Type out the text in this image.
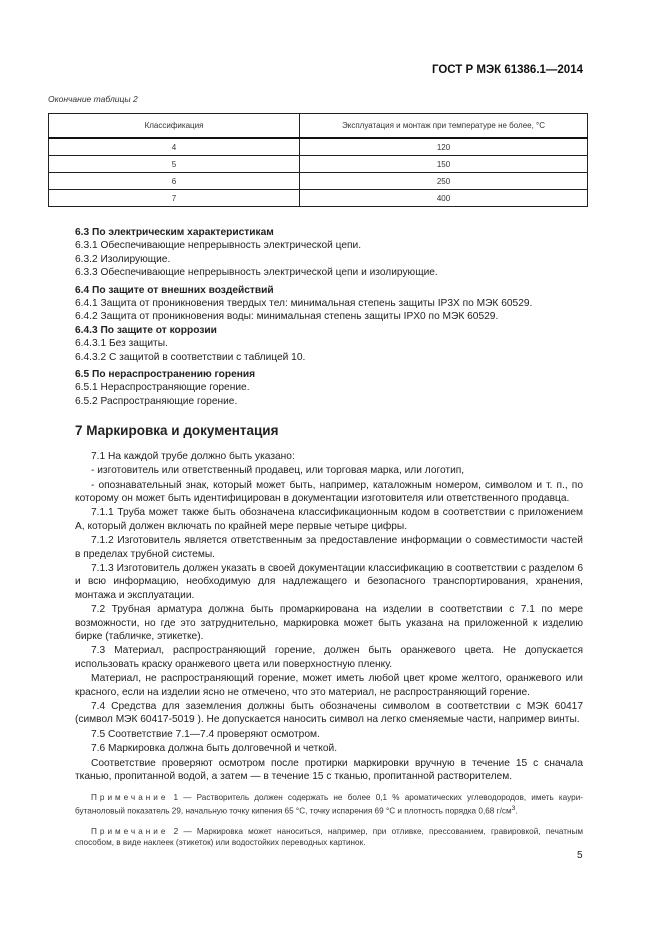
ГОСТ Р МЭК 61386.1—2014
Окончание таблицы 2
Классификация	Эксплуатация и монтаж при температуре не более, °C
4	120
5	150
6	250
7	400
6.3 По электрическим характеристикам
6.3.1 Обеспечивающие непрерывность электрической цепи.
6.3.2 Изолирующие.
6.3.3 Обеспечивающие непрерывность электрической цепи и изолирующие.
6.4 По защите от внешних воздействий
6.4.1 Защита от проникновения твердых тел: минимальная степень защиты IP3X по МЭК 60529.
6.4.2 Защита от проникновения воды: минимальная степень защиты IPX0 по МЭК 60529.
6.4.3 По защите от коррозии
6.4.3.1 Без защиты.
6.4.3.2 С защитой в соответствии с таблицей 10.
6.5 По нераспространению горения
6.5.1 Нераспространяющие горение.
6.5.2 Распространяющие горение.
7 Маркировка и документация

7.1 На каждой трубе должно быть указано:

- изготовитель или ответственный продавец, или торговая марка, или логотип,

- опознавательный знак, который может быть, например, каталожным номером, символом и т. п., по которому он может быть идентифицирован в документации изготовителя или ответственного продавца.

7.1.1 Труба может также быть обозначена классификационным кодом в соответствии с приложением А, который должен включать по крайней мере первые четыре цифры.

7.1.2 Изготовитель является ответственным за предоставление информации о совместимости частей в пределах трубной системы.

7.1.3 Изготовитель должен указать в своей документации классификацию в соответствии с разделом 6 и всю информацию, необходимую для надлежащего и безопасного транспортирования, хранения, монтажа и эксплуатации.

7.2 Трубная арматура должна быть промаркирована на изделии в соответствии с 7.1 по мере возможности, но где это затруднительно, маркировка может быть указана на приложенной к изделию бирке (табличке, этикетке).

7.3 Материал, распространяющий горение, должен быть оранжевого цвета. Не допускается использовать краску оранжевого цвета или поверхностную пленку.

Материал, не распространяющий горение, может иметь любой цвет кроме желтого, оранжевого или красного, если на изделии ясно не отмечено, что это материал, не распространяющий горение.

7.4 Средства для заземления должны быть обозначены символом в соответствии с МЭК 60417 (символ МЭК 60417-5019 ). Не допускается наносить символ на легко сменяемые части, например винты.

7.5 Соответствие 7.1—7.4 проверяют осмотром.

7.6 Маркировка должна быть долговечной и четкой.

Соответствие проверяют осмотром после протирки маркировки вручную в течение 15 с сначала тканью, пропитанной водой, а затем — в течение 15 с тканью, пропитанной растворителем.

Примечание 1 — Растворитель должен содержать не более 0,1 % ароматических углеводородов, иметь каури-бутаноловый показатель 29, начальную точку кипения 65 °С, точку испарения 69 °С и плотность порядка 0,68 $г/см^3$.

Примечание 2 — Маркировка может наноситься, например, при отливке, прессованием, гравировкой, печатным способом, в виде наклеек (этикеток) или водостойких переводных картинок.

5
